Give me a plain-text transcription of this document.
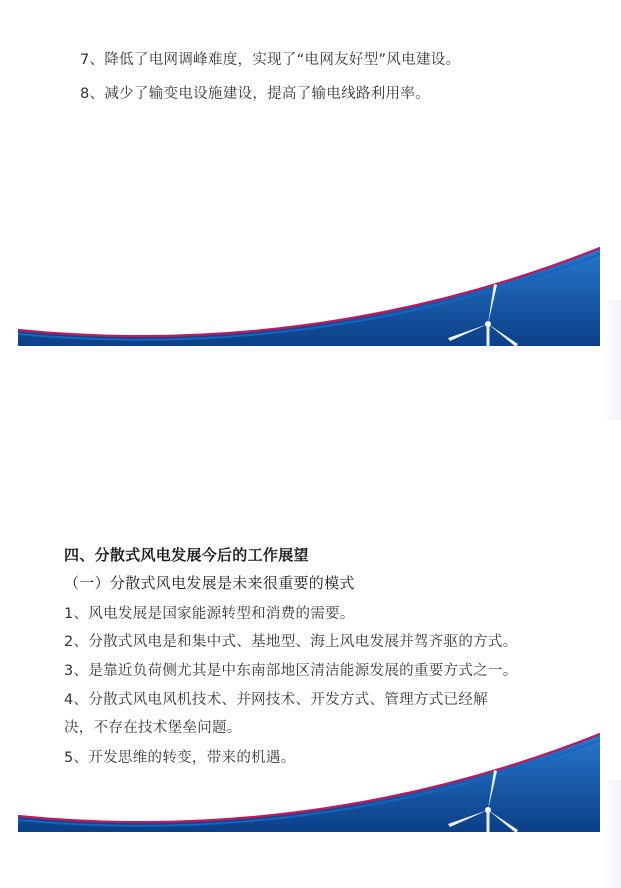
7、降低了电网调峰难度，实现了“电网友好型”风电建设。
8、减少了输变电设施建设，提高了输电线路利用率。
四、分散式风电发展今后的工作展望
（一）分散式风电发展是未来很重要的模式
1、风电发展是国家能源转型和消费的需要。
2、分散式风电是和集中式、基地型、海上风电发展并驾齐驱的方式。
3、是靠近负荷侧尤其是中东南部地区清洁能源发展的重要方式之一。
4、分散式风电风机技术、并网技术、开发方式、管理方式已经解
决，不存在技术堡垒问题。
5、开发思维的转变，带来的机遇。
